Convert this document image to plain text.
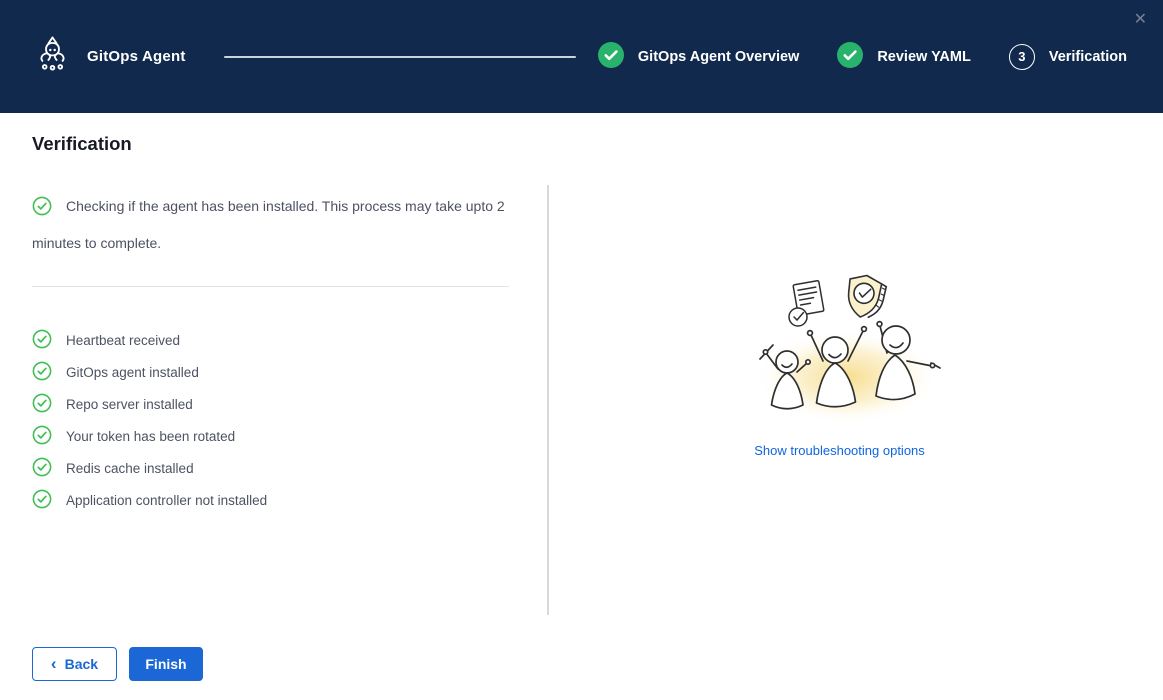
GitOps Agent	GitOps Agent Overview	Review YAML	3	Verification
✕
Verification

Checking if the agent has been installed. This process may take upto 2 minutes to complete.

Heartbeat received
GitOps agent installed
Repo server installed
Your token has been rotated
Redis cache installed
Application controller not installed
Show troubleshooting options
‹ Back	Finish
